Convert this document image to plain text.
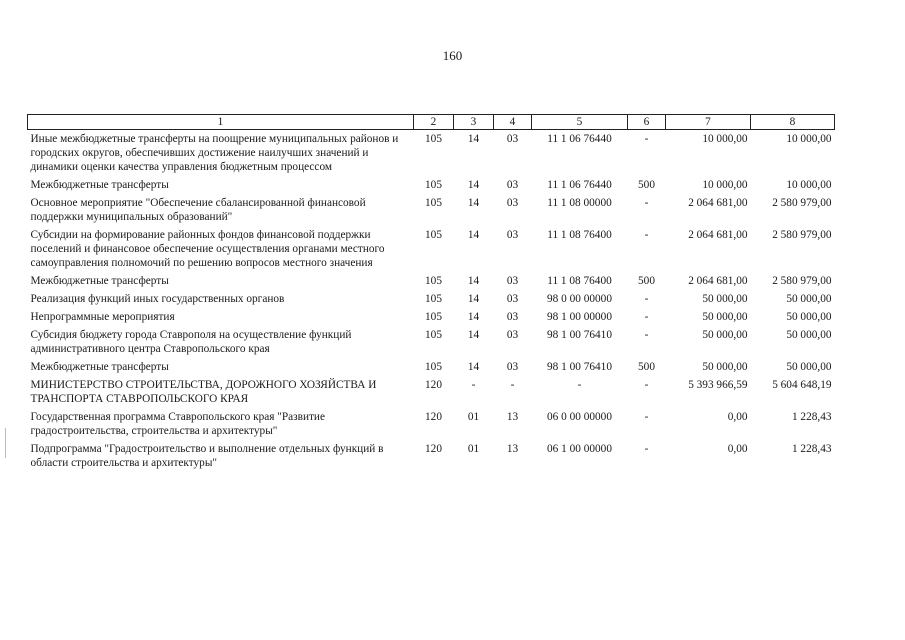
160
1	2	3	4	5	6	7	8
Иные межбюджетные трансферты на поощрение муниципальных районов и городских округов, обеспечивших достижение наилучших значений и динамики оценки качества управления бюджетным процессом	105	14	03	11 1 06 76440	-	10 000,00	10 000,00
Межбюджетные трансферты	105	14	03	11 1 06 76440	500	10 000,00	10 000,00
Основное мероприятие "Обеспечение сбалансированной финансовой поддержки муниципальных образований"	105	14	03	11 1 08 00000	-	2 064 681,00	2 580 979,00
Субсидии на формирование районных фондов финансовой поддержки поселений и финансовое обеспечение осуществления органами местного самоуправления полномочий по решению вопросов местного значения	105	14	03	11 1 08 76400	-	2 064 681,00	2 580 979,00
Межбюджетные трансферты	105	14	03	11 1 08 76400	500	2 064 681,00	2 580 979,00
Реализация функций иных государственных органов	105	14	03	98 0 00 00000	-	50 000,00	50 000,00
Непрограммные мероприятия	105	14	03	98 1 00 00000	-	50 000,00	50 000,00
Субсидия бюджету города Ставрополя на осуществление функций административного центра Ставропольского края	105	14	03	98 1 00 76410	-	50 000,00	50 000,00
Межбюджетные трансферты	105	14	03	98 1 00 76410	500	50 000,00	50 000,00
МИНИСТЕРСТВО СТРОИТЕЛЬСТВА, ДОРОЖНОГО ХОЗЯЙСТВА И ТРАНСПОРТА СТАВРОПОЛЬСКОГО КРАЯ	120	-	-	-	-	5 393 966,59	5 604 648,19
Государственная программа Ставропольского края "Развитие градостроительства, строительства и архитектуры"	120	01	13	06 0 00 00000	-	0,00	1 228,43
Подпрограмма "Градостроительство и выполнение отдельных функций в области строительства и архитектуры"	120	01	13	06 1 00 00000	-	0,00	1 228,43
